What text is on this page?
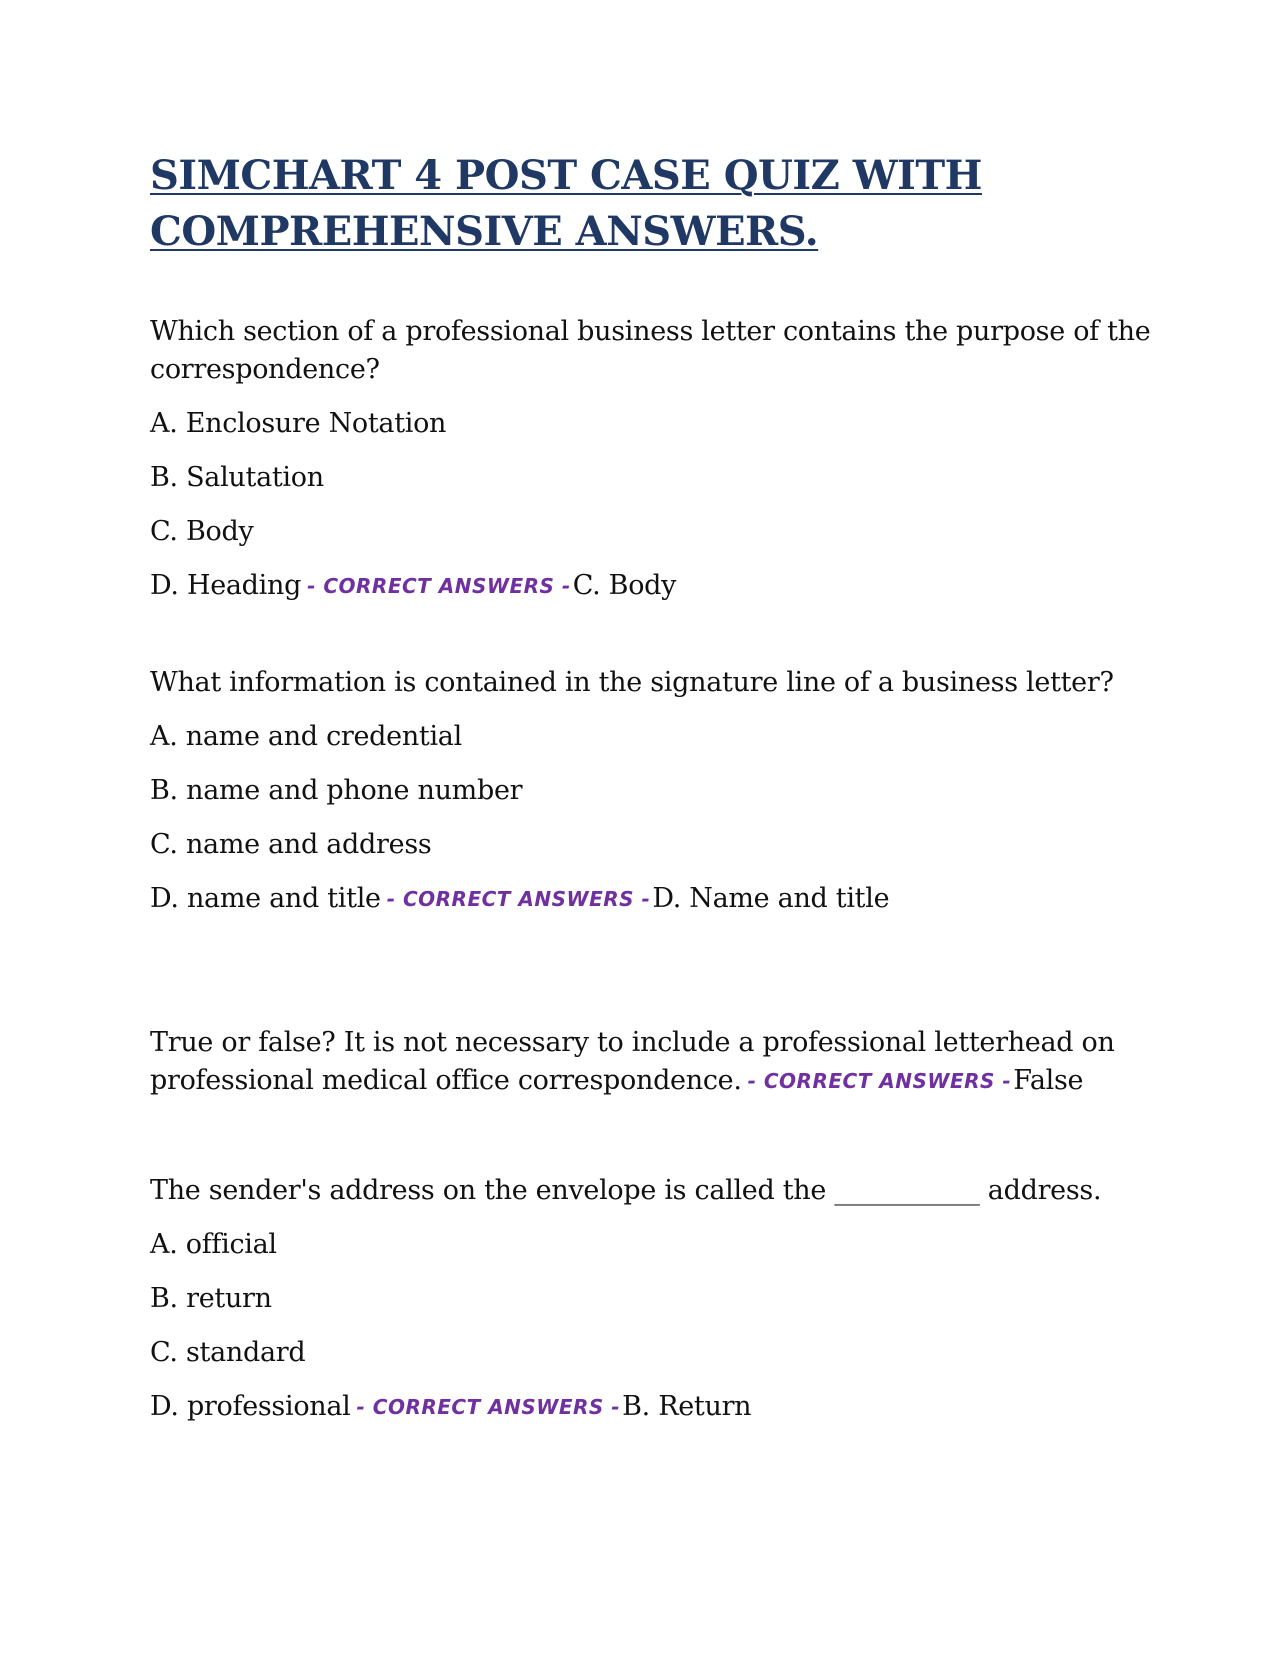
SIMCHART 4 POST CASE QUIZ WITH
COMPREHENSIVE ANSWERS.
Which section of a professional business letter contains the purpose of the
correspondence?
A. Enclosure Notation
B. Salutation
C. Body
D. Heading - CORRECT ANSWERS -C. Body
What information is contained in the signature line of a business letter?
A. name and credential
B. name and phone number
C. name and address
D. name and title - CORRECT ANSWERS -D. Name and title
True or false? It is not necessary to include a professional letterhead on
professional medical office correspondence. - CORRECT ANSWERS -False
The sender's address on the envelope is called the ___________ address.
A. official
B. return
C. standard
D. professional - CORRECT ANSWERS -B. Return
